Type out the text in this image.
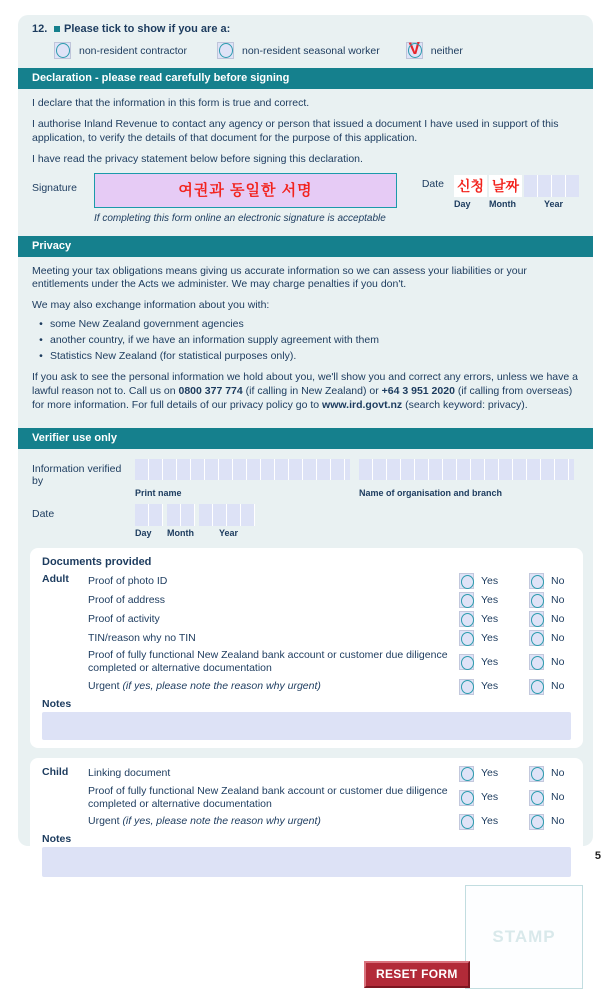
12.	Please tick to show if you are a:
non-resident contractor	non-resident seasonal worker V neither
Declaration - please read carefully before signing

I declare that the information in this form is true and correct.

I authorise Inland Revenue to contact any agency or person that issued a document I have used in support of this application, to verify the details of that document for the purpose of this application.

I have read the privacy statement below before signing this declaration.

Signature	여권과 동일한 서명
If completing this form online an electronic signature is acceptable
Date 신청 날짜
Day	Month	Year
Privacy

Meeting your tax obligations means giving us accurate information so we can assess your liabilities or your entitlements under the Acts we administer. We may charge penalties if you don't.

We may also exchange information about you with:

• some New Zealand government agencies
• another country, if we have an information supply agreement with them
• Statistics New Zealand (for statistical purposes only).

If you ask to see the personal information we hold about you, we'll show you and correct any errors, unless we have a lawful reason not to. Call us on 0800 377 774 (if calling in New Zealand) or +64 3 951 2020 (if calling from overseas) for more information. For full details of our privacy policy go to www.ird.govt.nz (search keyword: privacy).

Verifier use only
Information verified by
Print name	Name of organisation and branch
Date
Day	Month	Year
Documents provided
Adult	Proof of photo ID	Yes	No
Proof of address	Yes	No
Proof of activity	Yes	No
TIN/reason why no TIN	Yes	No
Proof of fully functional New Zealand bank account or customer due diligence completed or alternative documentation
Yes	No
Urgent (if yes, please note the reason why urgent)	Yes	No
Notes
Child	Linking document	Yes	No
Proof of fully functional New Zealand bank account or customer due diligence completed or alternative documentation
Yes	No
Urgent (if yes, please note the reason why urgent)	Yes	No
Notes
STAMP
RESET FORM
5
